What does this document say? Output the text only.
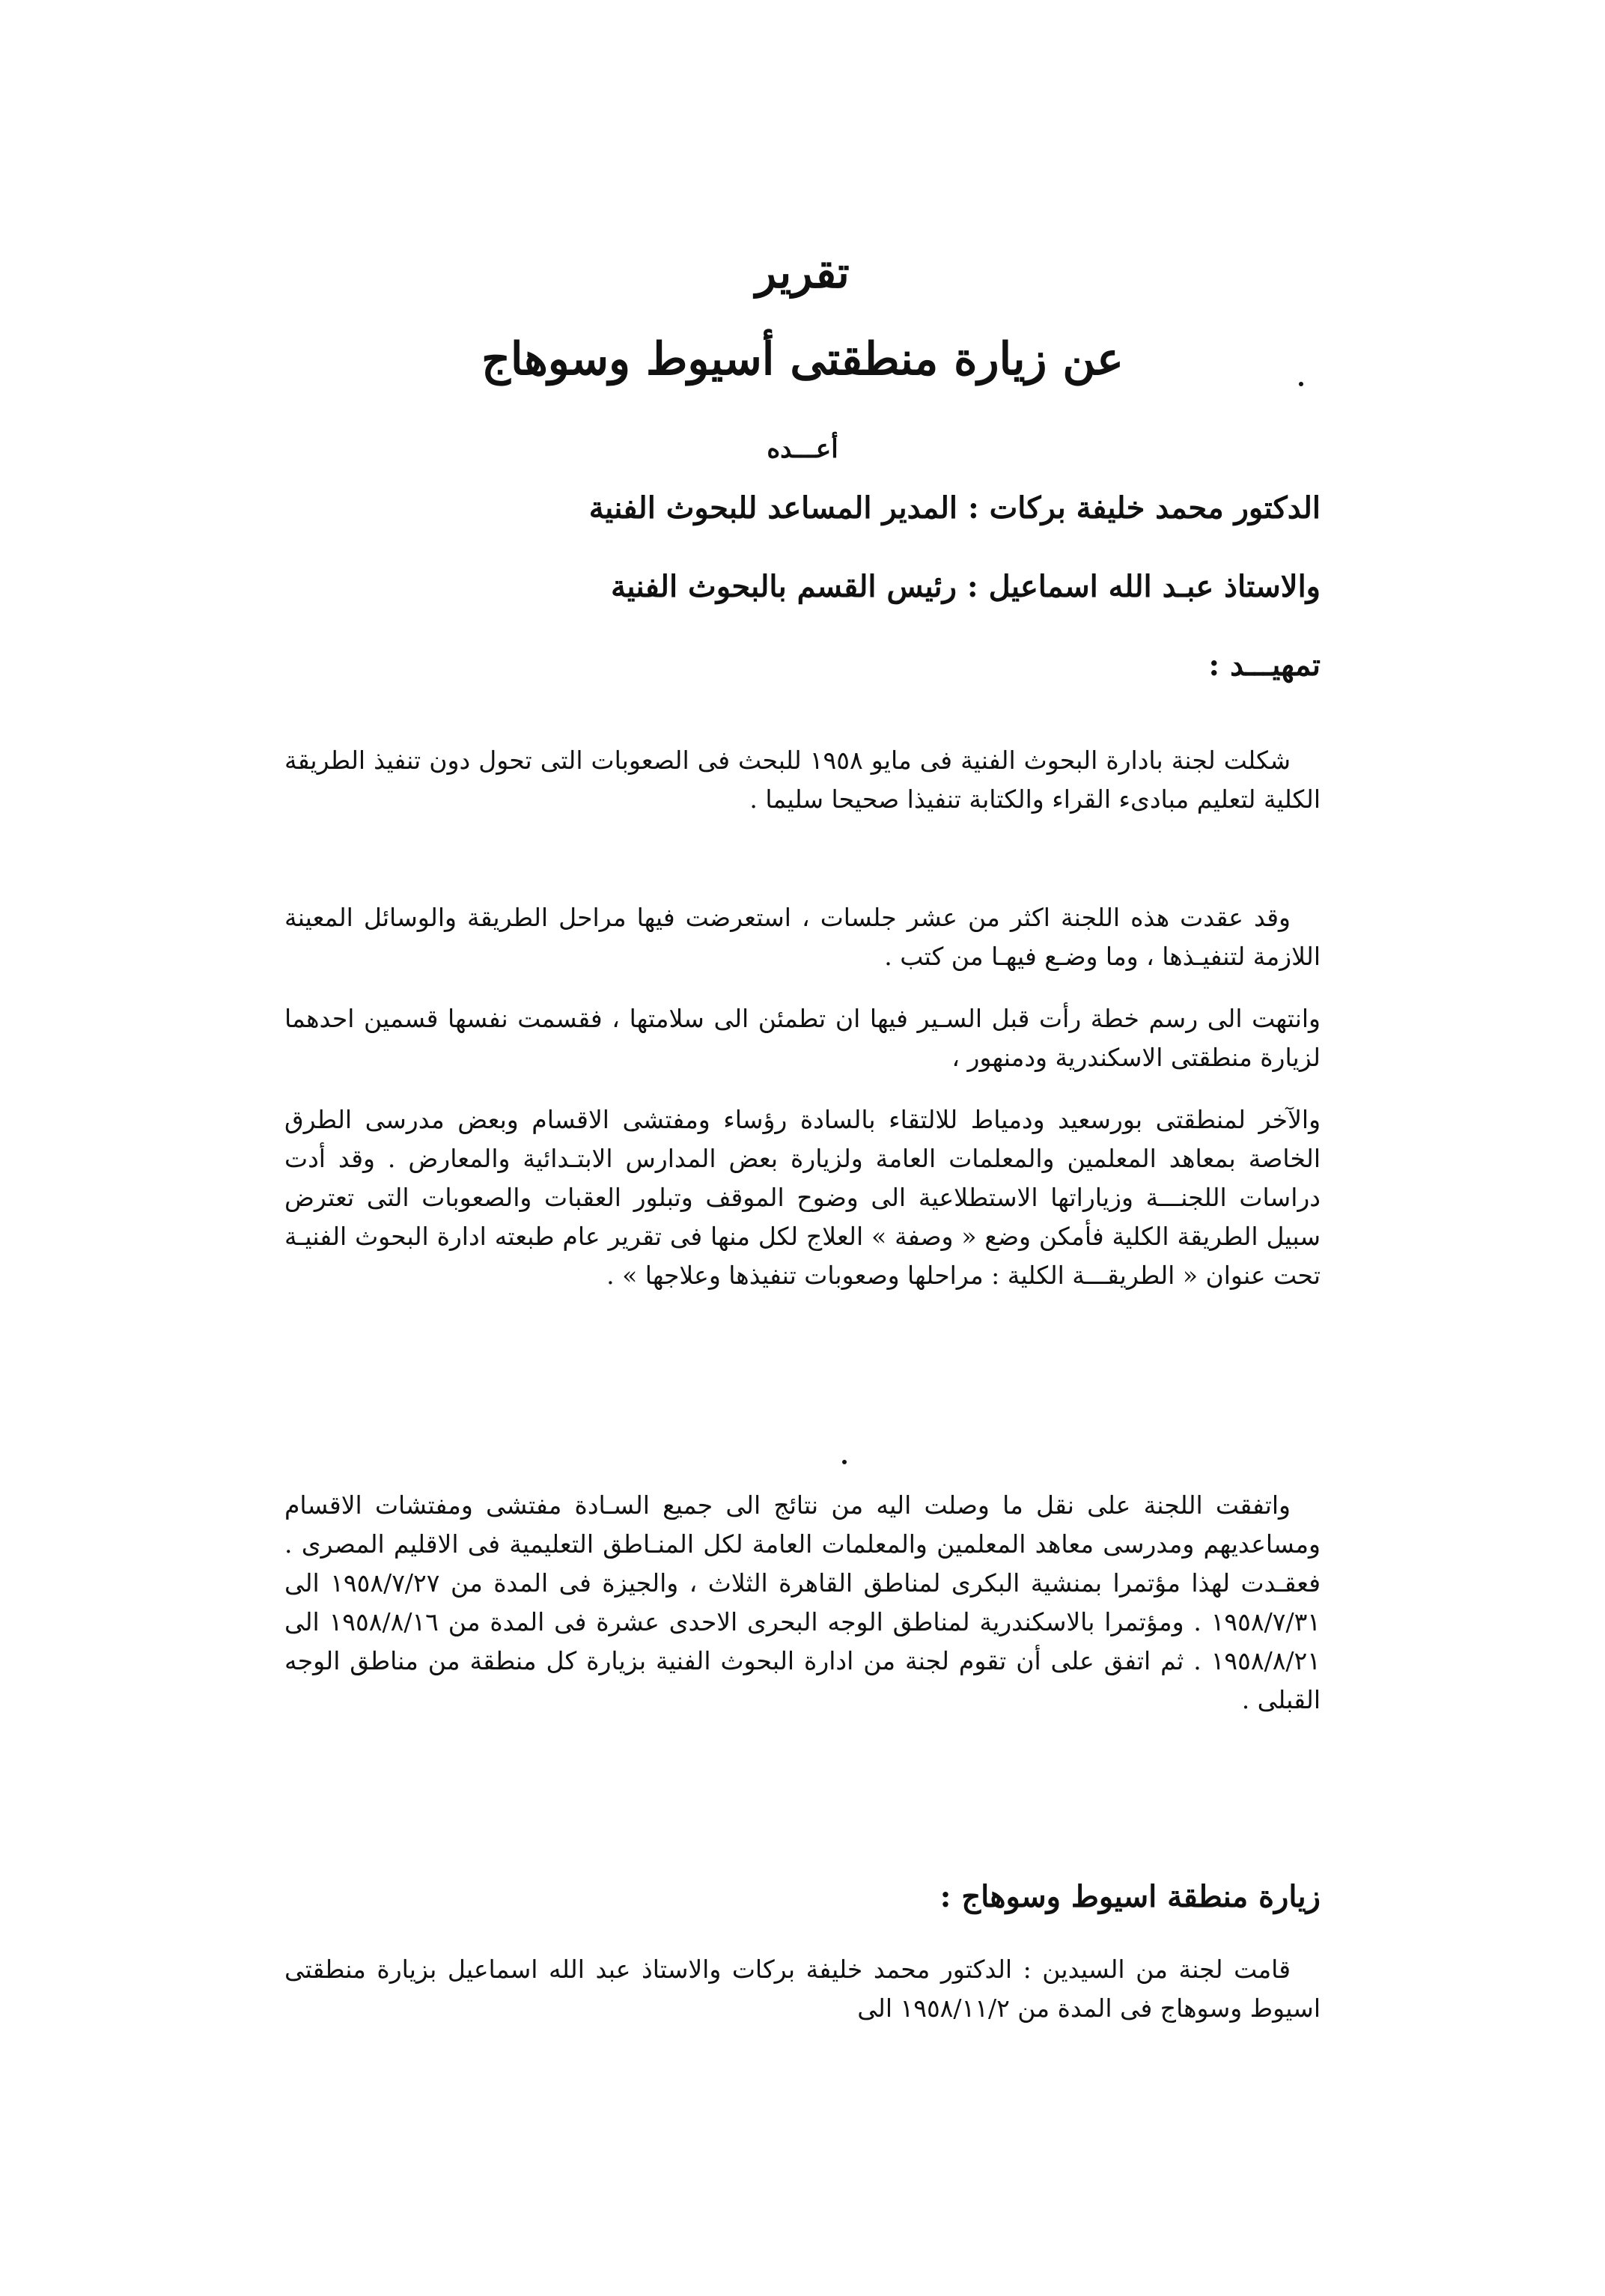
تقرير
عن زيارة منطقتى أسيوط وسوهاج
أعـــده
الدكتور محمد خليفة بركات : المدير المساعد للبحوث الفنية
والاستاذ عبـد الله اسماعيل : رئيس القسم بالبحوث الفنية
تمهيـــد :

شكلت لجنة بادارة البحوث الفنية فى مايو ١٩٥٨ للبحث فى الصعوبات التى تحول دون تنفيذ الطريقة الكلية لتعليم مبادىء القراء والكتابة تنفيذا صحيحا سليما .

وقد عقدت هذه اللجنة اكثر من عشر جلسات ، استعرضت فيها مراحل الطريقة والوسائل المعينة اللازمة لتنفيـذها ، وما وضـع فيهـا من كتب .

وانتهت الى رسم خطة رأت قبل السـير فيها ان تطمئن الى سلامتها ، فقسمت نفسها قسمين احدهما لزيارة منطقتى الاسكندرية ودمنهور ،

والآخر لمنطقتى بورسعيد ودمياط للالتقاء بالسادة رؤساء ومفتشى الاقسام وبعض مدرسى الطرق الخاصة بمعاهد المعلمين والمعلمات العامة ولزيارة بعض المدارس الابتـدائية والمعارض . وقد أدت دراسات اللجنـــة وزياراتها الاستطلاعية الى وضوح الموقف وتبلور العقبات والصعوبات التى تعترض سبيل الطريقة الكلية فأمكن وضع « وصفة » العلاج لكل منها فى تقرير عام طبعته ادارة البحوث الفنيـة تحت عنوان « الطريقـــة الكلية : مراحلها وصعوبات تنفيذها وعلاجها » .

واتفقت اللجنة على نقل ما وصلت اليه من نتائج الى جميع السـادة مفتشى ومفتشات الاقسام ومساعديهم ومدرسى معاهد المعلمين والمعلمات العامة لكل المنـاطق التعليمية فى الاقليم المصرى . فعقـدت لهذا مؤتمرا بمنشية البكرى لمناطق القاهرة الثلاث ، والجيزة فى المدة من ١٩٥٨/٧/٢٧ الى ١٩٥٨/٧/٣١ . ومؤتمرا بالاسكندرية لمناطق الوجه البحرى الاحدى عشرة فى المدة من ١٩٥٨/٨/١٦ الى ١٩٥٨/٨/٢١ . ثم اتفق على أن تقوم لجنة من ادارة البحوث الفنية بزيارة كل منطقة من مناطق الوجه القبلى .

زيارة منطقة اسيوط وسوهاج :

قامت لجنة من السيدين : الدكتور محمد خليفة بركات والاستاذ عبد الله اسماعيل بزيارة منطقتى اسيوط وسوهاج فى المدة من ١٩٥٨/١١/٢ الى
